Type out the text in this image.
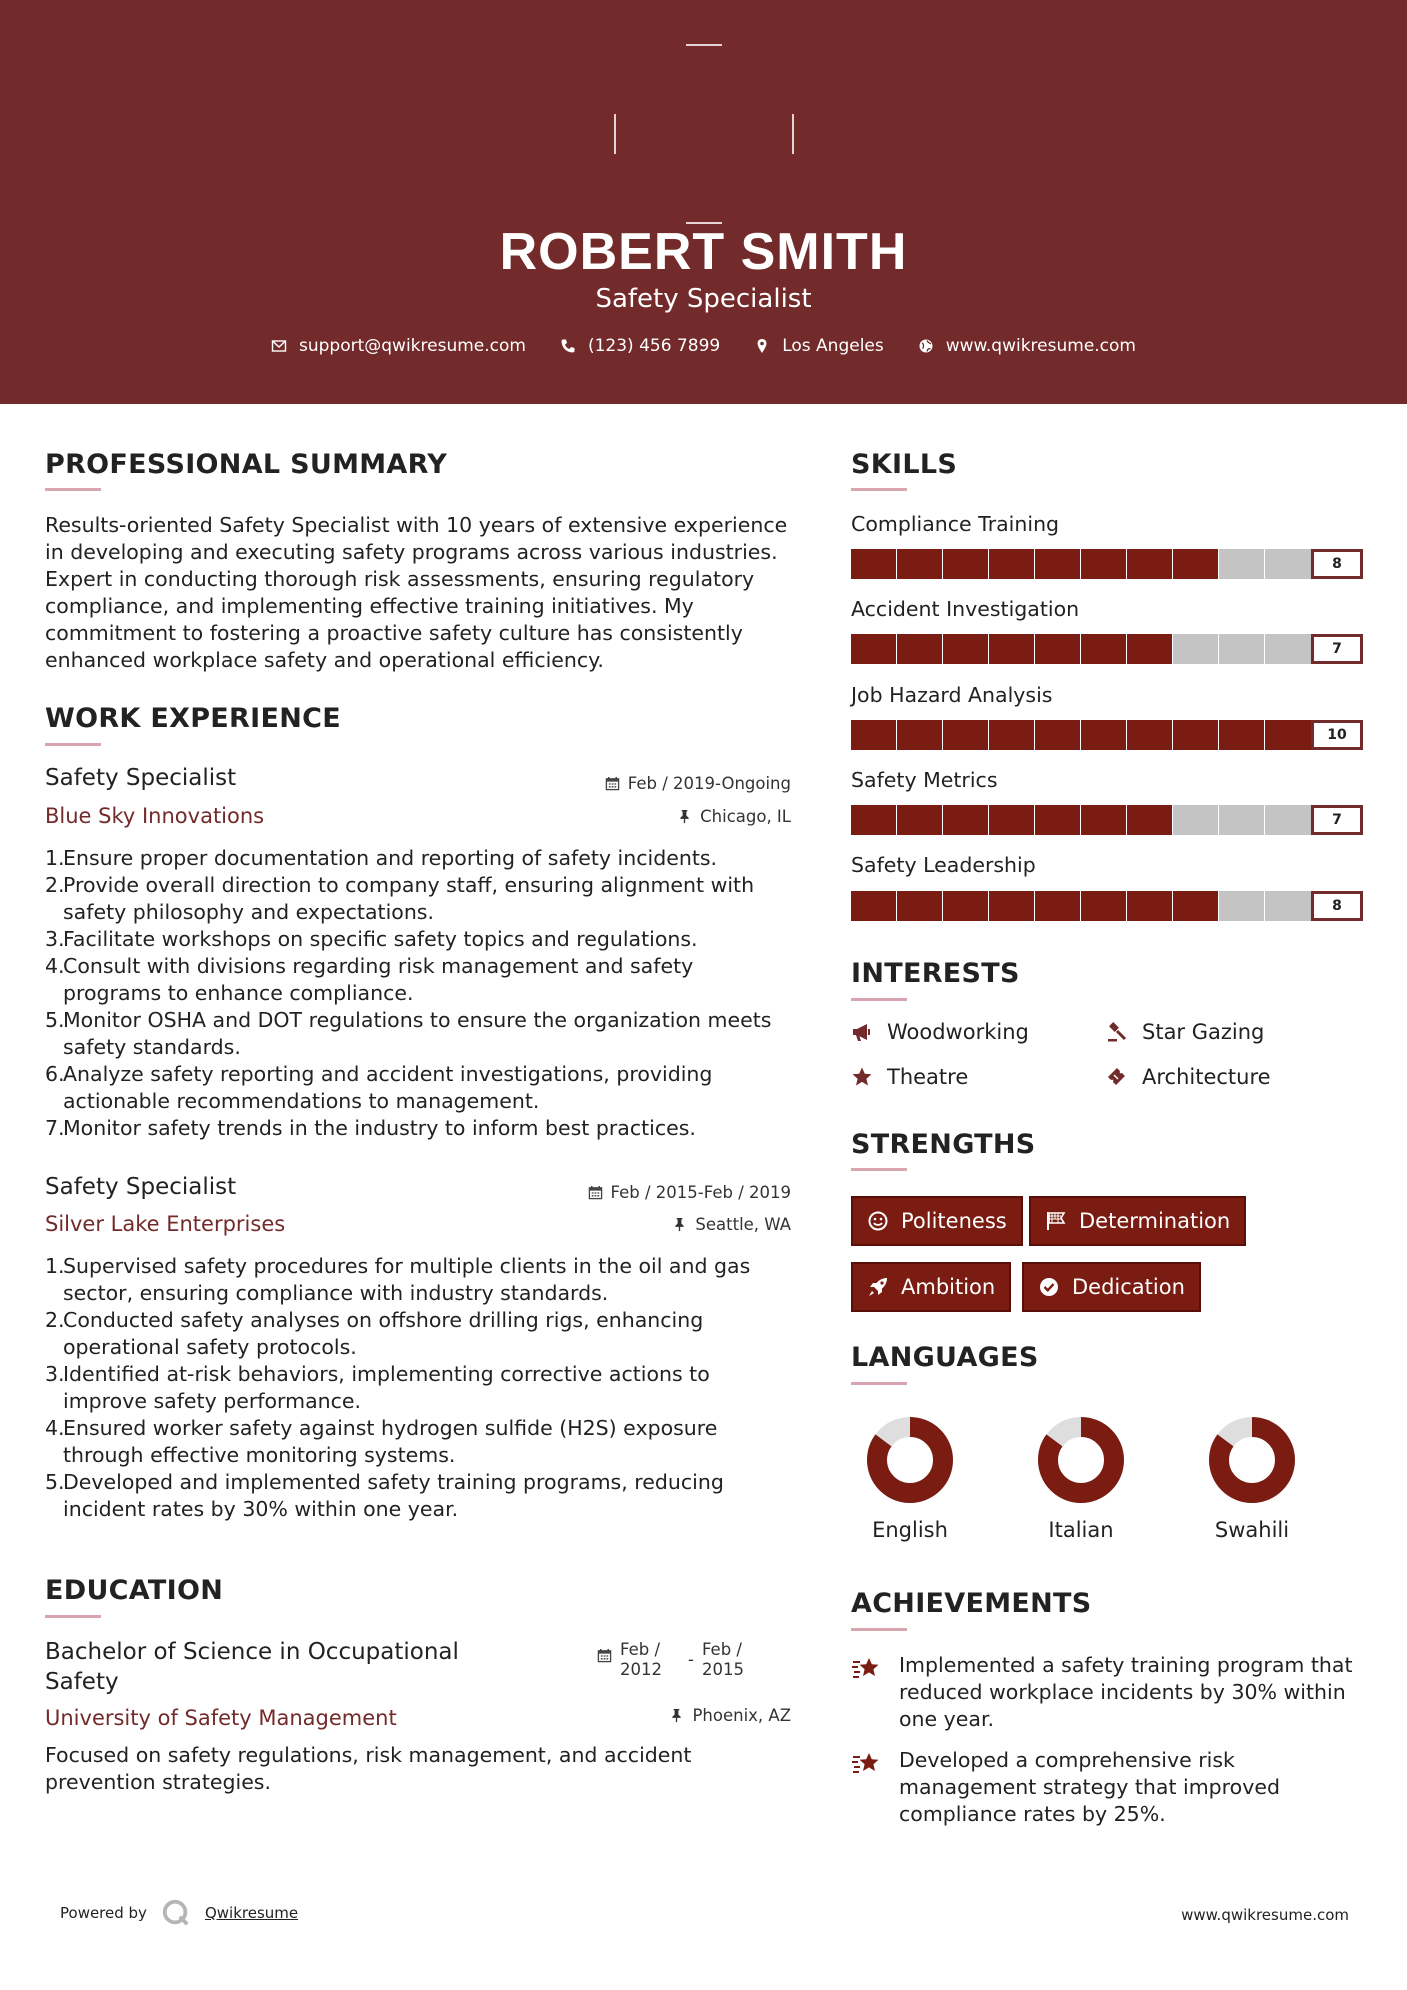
ROBERT SMITH
Safety Specialist
support@qwikresume.com	(123) 456 7899	Los Angeles	www.qwikresume.com
PROFESSIONAL SUMMARY
Results-oriented Safety Specialist with 10 years of extensive experience in developing and executing safety programs across various industries. Expert in conducting thorough risk assessments, ensuring regulatory compliance, and implementing effective training initiatives. My commitment to fostering a proactive safety culture has consistently enhanced workplace safety and operational efficiency.
WORK EXPERIENCE
Safety Specialist	Feb / 2019-Ongoing
Blue Sky Innovations	Chicago, IL
1.
Ensure proper documentation and reporting of safety incidents.
2.
Provide overall direction to company staff, ensuring alignment with safety philosophy and expectations.
3.
Facilitate workshops on specific safety topics and regulations.
4.
Consult with divisions regarding risk management and safety programs to enhance compliance.
5.
Monitor OSHA and DOT regulations to ensure the organization meets safety standards.
6.
Analyze safety reporting and accident investigations, providing actionable recommendations to management.
7.
Monitor safety trends in the industry to inform best practices.
Safety Specialist	Feb / 2015-Feb / 2019
Silver Lake Enterprises	Seattle, WA
1.
Supervised safety procedures for multiple clients in the oil and gas sector, ensuring compliance with industry standards.
2.
Conducted safety analyses on offshore drilling rigs, enhancing operational safety protocols.
3.
Identified at-risk behaviors, implementing corrective actions to improve safety performance.
4.
Ensured worker safety against hydrogen sulfide (H2S) exposure through effective monitoring systems.
5.
Developed and implemented safety training programs, reducing incident rates by 30% within one year.
EDUCATION
Bachelor of Science in Occupational
Safety
Feb / 2012
-
Feb / 2015
University of Safety Management	Phoenix, AZ
Focused on safety regulations, risk management, and accident prevention strategies.
SKILLS
Compliance Training
8
Accident Investigation
7
Job Hazard Analysis
10
Safety Metrics
7
Safety Leadership
8
INTERESTS
Woodworking	Star Gazing
Theatre	Architecture
STRENGTHS
Politeness	Determination
Ambition	Dedication
LANGUAGES
English	Italian	Swahili
ACHIEVEMENTS
Implemented a safety training program that reduced workplace incidents by 30% within one year.
Developed a comprehensive risk management strategy that improved compliance rates by 25%.
Powered by	Qwikresume	www.qwikresume.com
